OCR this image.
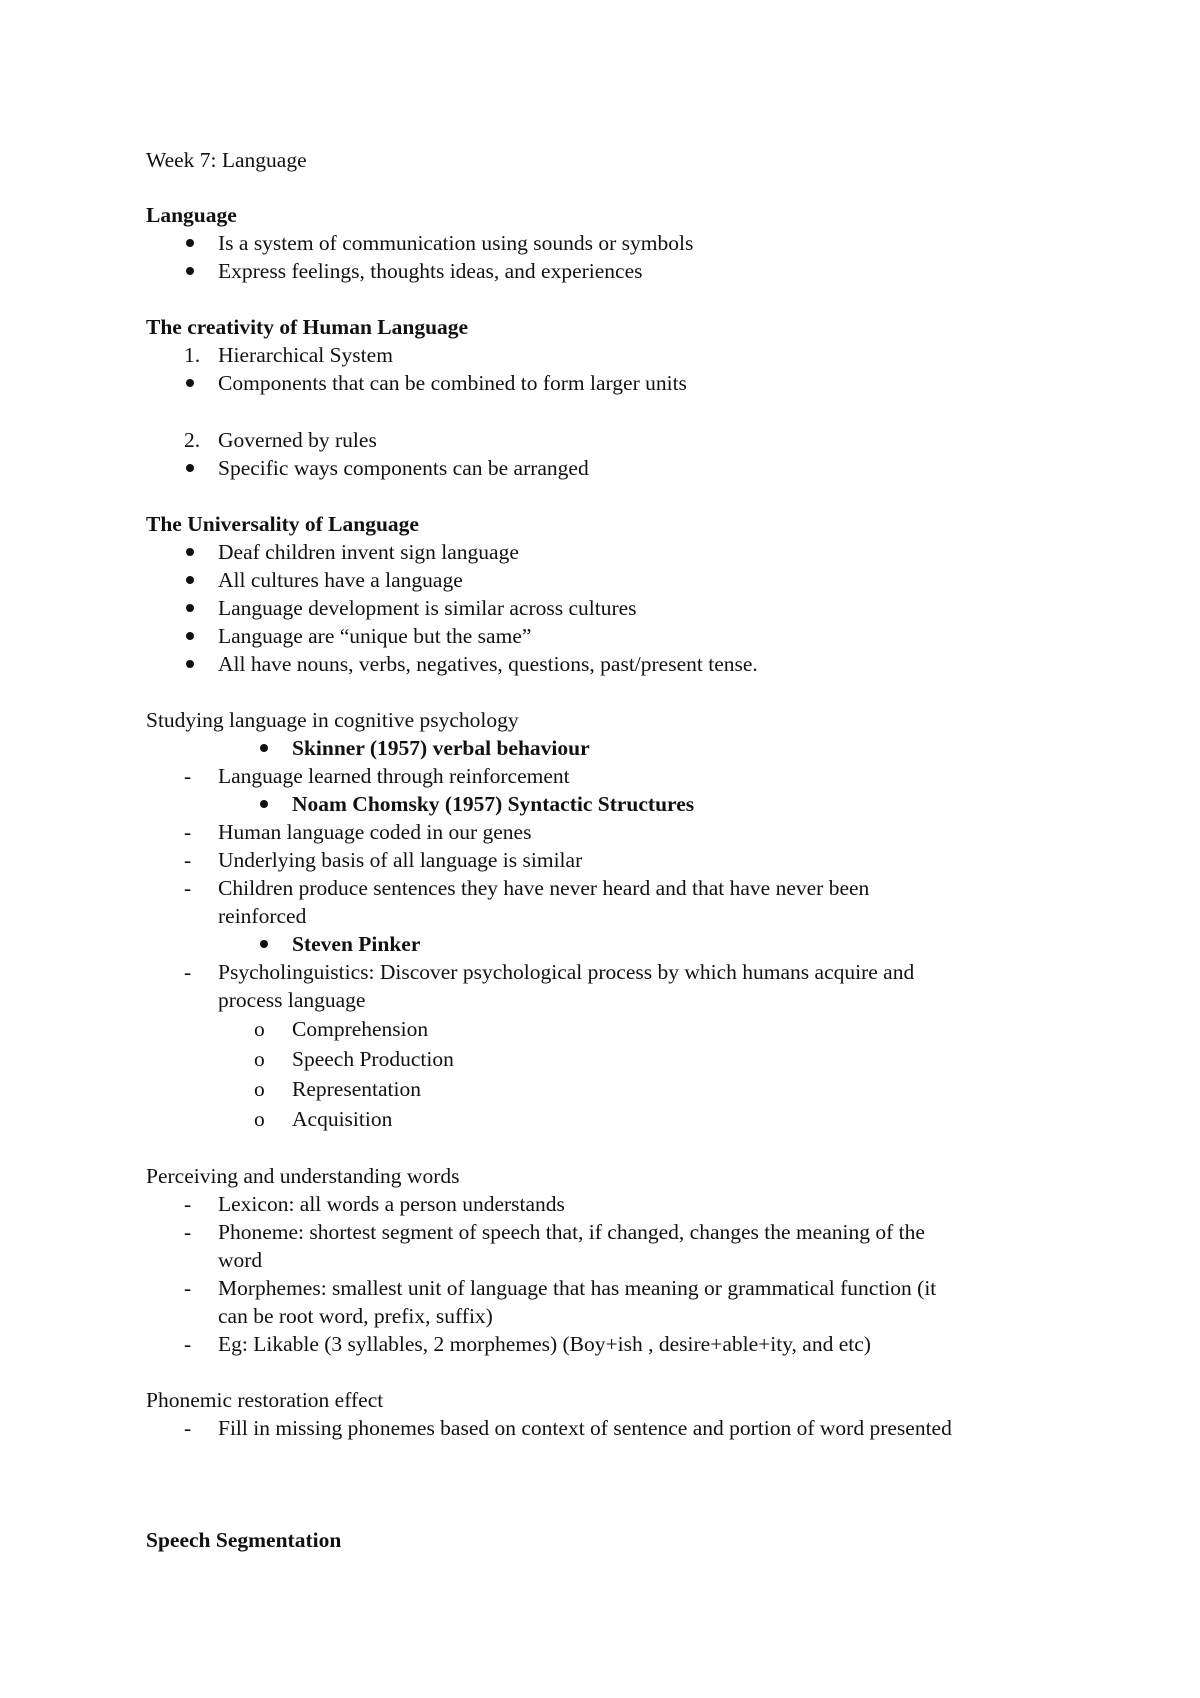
Week 7: Language
Language
Is a system of communication using sounds or symbols
Express feelings, thoughts ideas, and experiences
The creativity of Human Language
1. Hierarchical System
Components that can be combined to form larger units
2. Governed by rules
Specific ways components can be arranged
The Universality of Language
Deaf children invent sign language
All cultures have a language
Language development is similar across cultures
Language are “unique but the same”
All have nouns, verbs, negatives, questions, past/present tense.
Studying language in cognitive psychology
Skinner (1957) verbal behaviour
- Language learned through reinforcement
Noam Chomsky (1957) Syntactic Structures
- Human language coded in our genes
- Underlying basis of all language is similar
- Children produce sentences they have never heard and that have never been
reinforced
Steven Pinker
- Psycholinguistics: Discover psychological process by which humans acquire and
process language
o Comprehension
o Speech Production
o Representation
o Acquisition
Perceiving and understanding words
- Lexicon: all words a person understands
- Phoneme: shortest segment of speech that, if changed, changes the meaning of the
word
- Morphemes: smallest unit of language that has meaning or grammatical function (it
can be root word, prefix, suffix)
- Eg: Likable (3 syllables, 2 morphemes) (Boy+ish , desire+able+ity, and etc)
Phonemic restoration effect
- Fill in missing phonemes based on context of sentence and portion of word presented
Speech Segmentation
